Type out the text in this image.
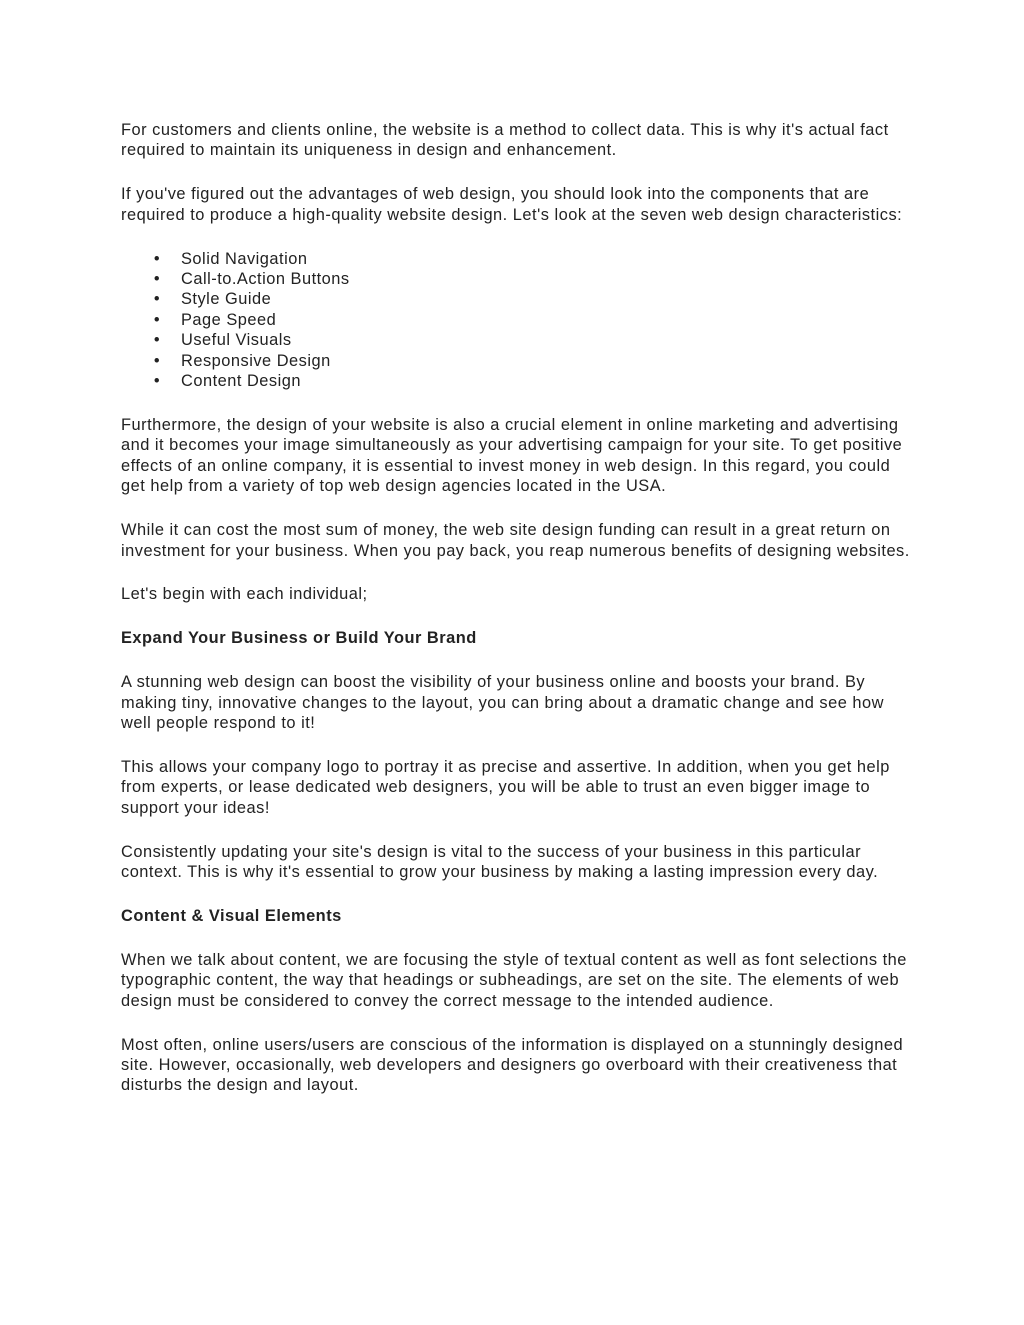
For customers and clients online, the website is a method to collect data. This is why it's actual fact required to maintain its uniqueness in design and enhancement.

If you've figured out the advantages of web design, you should look into the components that are required to produce a high-quality website design. Let's look at the seven web design characteristics:

• Solid Navigation
• Call-to.Action Buttons
• Style Guide
• Page Speed
• Useful Visuals
• Responsive Design
• Content Design

Furthermore, the design of your website is also a crucial element in online marketing and advertising and it becomes your image simultaneously as your advertising campaign for your site. To get positive effects of an online company, it is essential to invest money in web design. In this regard, you could get help from a variety of top web design agencies located in the USA.

While it can cost the most sum of money, the web site design funding can result in a great return on investment for your business. When you pay back, you reap numerous benefits of designing websites.

Let's begin with each individual;

Expand Your Business or Build Your Brand

A stunning web design can boost the visibility of your business online and boosts your brand. By making tiny, innovative changes to the layout, you can bring about a dramatic change and see how well people respond to it!

This allows your company logo to portray it as precise and assertive. In addition, when you get help from experts, or lease dedicated web designers, you will be able to trust an even bigger image to support your ideas!

Consistently updating your site's design is vital to the success of your business in this particular context. This is why it's essential to grow your business by making a lasting impression every day.

Content & Visual Elements

When we talk about content, we are focusing the style of textual content as well as font selections the typographic content, the way that headings or subheadings, are set on the site. The elements of web design must be considered to convey the correct message to the intended audience.

Most often, online users/users are conscious of the information is displayed on a stunningly designed site. However, occasionally, web developers and designers go overboard with their creativeness that disturbs the design and layout.
